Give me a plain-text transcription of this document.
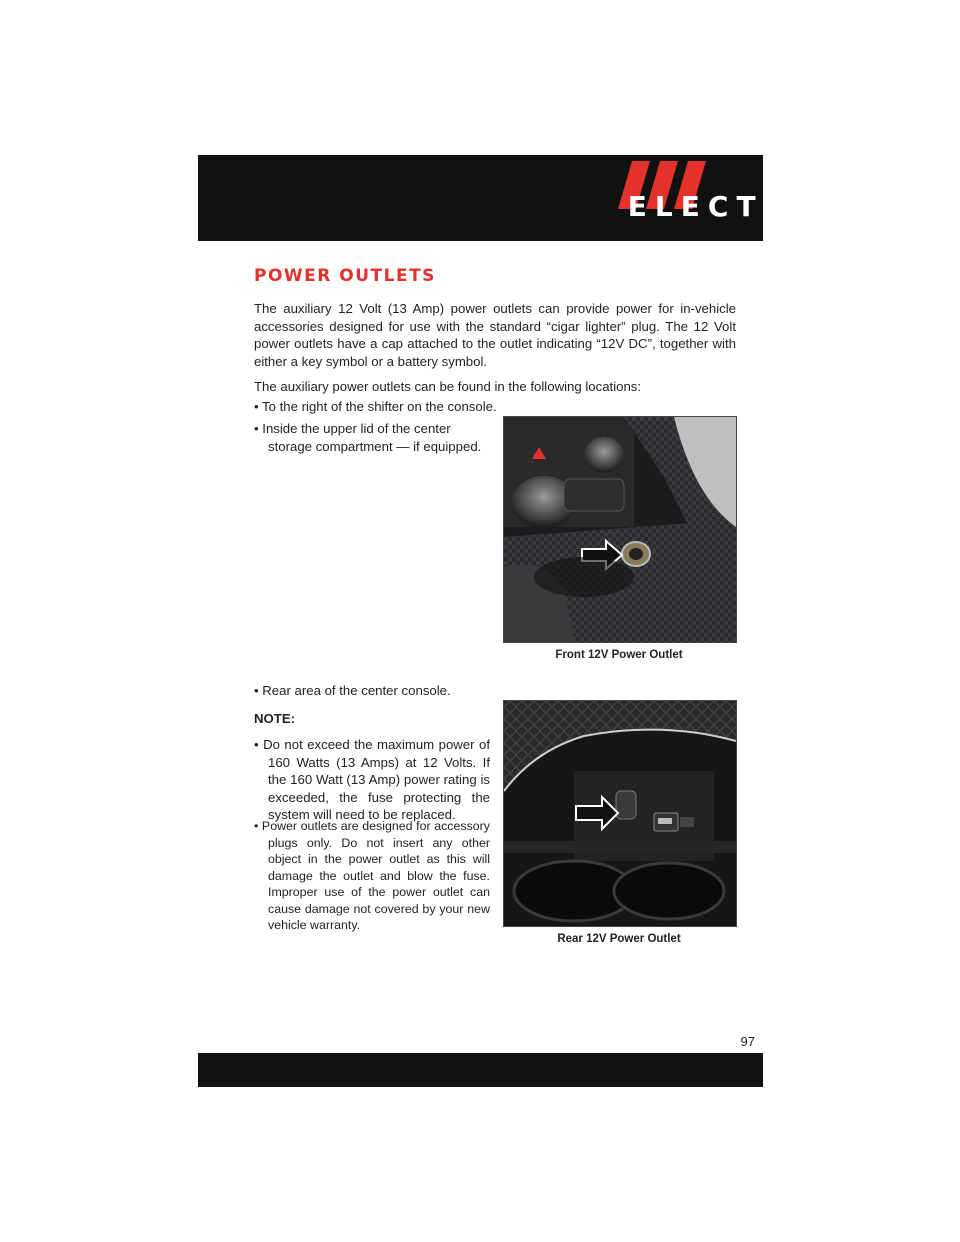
ELECTRONICS
POWER OUTLETS
The auxiliary 12 Volt (13 Amp) power outlets can provide power for in-vehicle accessories designed for use with the standard “cigar lighter” plug. The 12 Volt power outlets have a cap attached to the outlet indicating “12V DC”, together with either a key symbol or a battery symbol.
The auxiliary power outlets can be found in the following locations:
• To the right of the shifter on the console.
• Inside the upper lid of the center storage compartment — if equipped.
• Rear area of the center console.
NOTE:
• Do not exceed the maximum power of 160 Watts (13 Amps) at 12 Volts. If the 160 Watt (13 Amp) power rating is exceeded, the fuse protecting the system will need to be replaced.
• Power outlets are designed for accessory plugs only. Do not insert any other object in the power outlet as this will damage the outlet and blow the fuse. Improper use of the power outlet can cause damage not covered by your new vehicle warranty.
Front 12V Power Outlet
Rear 12V Power Outlet
97
